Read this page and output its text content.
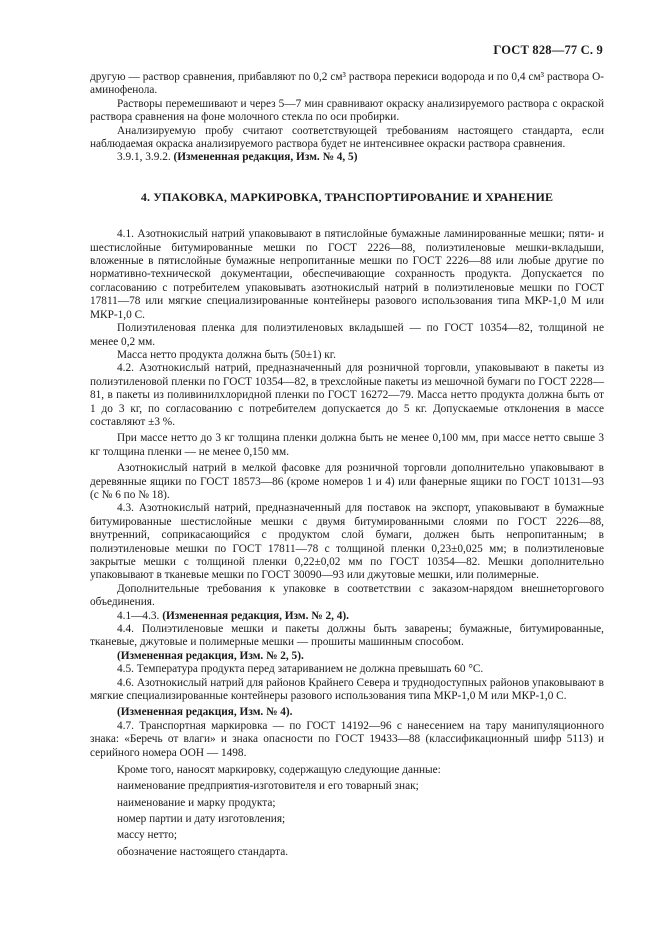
ГОСТ 828—77 С. 9

другую — раствор сравнения, прибавляют по 0,2 см³ раствора перекиси водорода и по 0,4 см³ раствора О-аминофенола.

Растворы перемешивают и через 5—7 мин сравнивают окраску анализируемого раствора с окраской раствора сравнения на фоне молочного стекла по оси пробирки.

Анализируемую пробу считают соответствующей требованиям настоящего стандарта, если наблюдаемая окраска анализируемого раствора будет не интенсивнее окраски раствора сравнения.

3.9.1, 3.9.2. (Измененная редакция, Изм. № 4, 5)

4. УПАКОВКА, МАРКИРОВКА, ТРАНСПОРТИРОВАНИЕ И ХРАНЕНИЕ

4.1. Азотнокислый натрий упаковывают в пятислойные бумажные ламинированные мешки; пяти- и шестислойные битумированные мешки по ГОСТ 2226—88, полиэтиленовые мешки-вкладыши, вложенные в пятислойные бумажные непропитанные мешки по ГОСТ 2226—88 или любые другие по нормативно-технической документации, обеспечивающие сохранность продукта. Допускается по согласованию с потребителем упаковывать азотнокислый натрий в полиэтиленовые мешки по ГОСТ 17811—78 или мягкие специализированные контейнеры разового использования типа МКР-1,0 М или МКР-1,0 С.

Полиэтиленовая пленка для полиэтиленовых вкладышей — по ГОСТ 10354—82, толщиной не менее 0,2 мм.

Масса нетто продукта должна быть (50±1) кг.

4.2. Азотнокислый натрий, предназначенный для розничной торговли, упаковывают в пакеты из полиэтиленовой пленки по ГОСТ 10354—82, в трехслойные пакеты из мешочной бумаги по ГОСТ 2228—81, в пакеты из поливинилхлоридной пленки по ГОСТ 16272—79. Масса нетто продукта должна быть от 1 до 3 кг, по согласованию с потребителем допускается до 5 кг. Допускаемые отклонения в массе составляют ±3 %.

При массе нетто до 3 кг толщина пленки должна быть не менее 0,100 мм, при массе нетто свыше 3 кг толщина пленки — не менее 0,150 мм.

Азотнокислый натрий в мелкой фасовке для розничной торговли дополнительно упаковывают в деревянные ящики по ГОСТ 18573—86 (кроме номеров 1 и 4) или фанерные ящики по ГОСТ 10131—93 (с № 6 по № 18).

4.3. Азотнокислый натрий, предназначенный для поставок на экспорт, упаковывают в бумажные битумированные шестислойные мешки с двумя битумированными слоями по ГОСТ 2226—88, внутренний, соприкасающийся с продуктом слой бумаги, должен быть непропитанным; в полиэтиленовые мешки по ГОСТ 17811—78 с толщиной пленки 0,23±0,025 мм; в полиэтиленовые закрытые мешки с толщиной пленки 0,22±0,02 мм по ГОСТ 10354—82. Мешки дополнительно упаковывают в тканевые мешки по ГОСТ 30090—93 или джутовые мешки, или полимерные.

Дополнительные требования к упаковке в соответствии с заказом-нарядом внешнеторгового объединения.

4.1—4.3. (Измененная редакция, Изм. № 2, 4).

4.4. Полиэтиленовые мешки и пакеты должны быть заварены; бумажные, битумированные, тканевые, джутовые и полимерные мешки — прошиты машинным способом.

(Измененная редакция, Изм. № 2, 5).

4.5. Температура продукта перед затариванием не должна превышать 60 °С.

4.6. Азотнокислый натрий для районов Крайнего Севера и труднодоступных районов упаковывают в мягкие специализированные контейнеры разового использования типа МКР-1,0 М или МКР-1,0 С.

(Измененная редакция, Изм. № 4).

4.7. Транспортная маркировка — по ГОСТ 14192—96 с нанесением на тару манипуляционного знака: «Беречь от влаги» и знака опасности по ГОСТ 19433—88 (классификационный шифр 5113) и серийного номера ООН — 1498.

Кроме того, наносят маркировку, содержащую следующие данные:

наименование предприятия-изготовителя и его товарный знак;

наименование и марку продукта;

номер партии и дату изготовления;

массу нетто;

обозначение настоящего стандарта.
